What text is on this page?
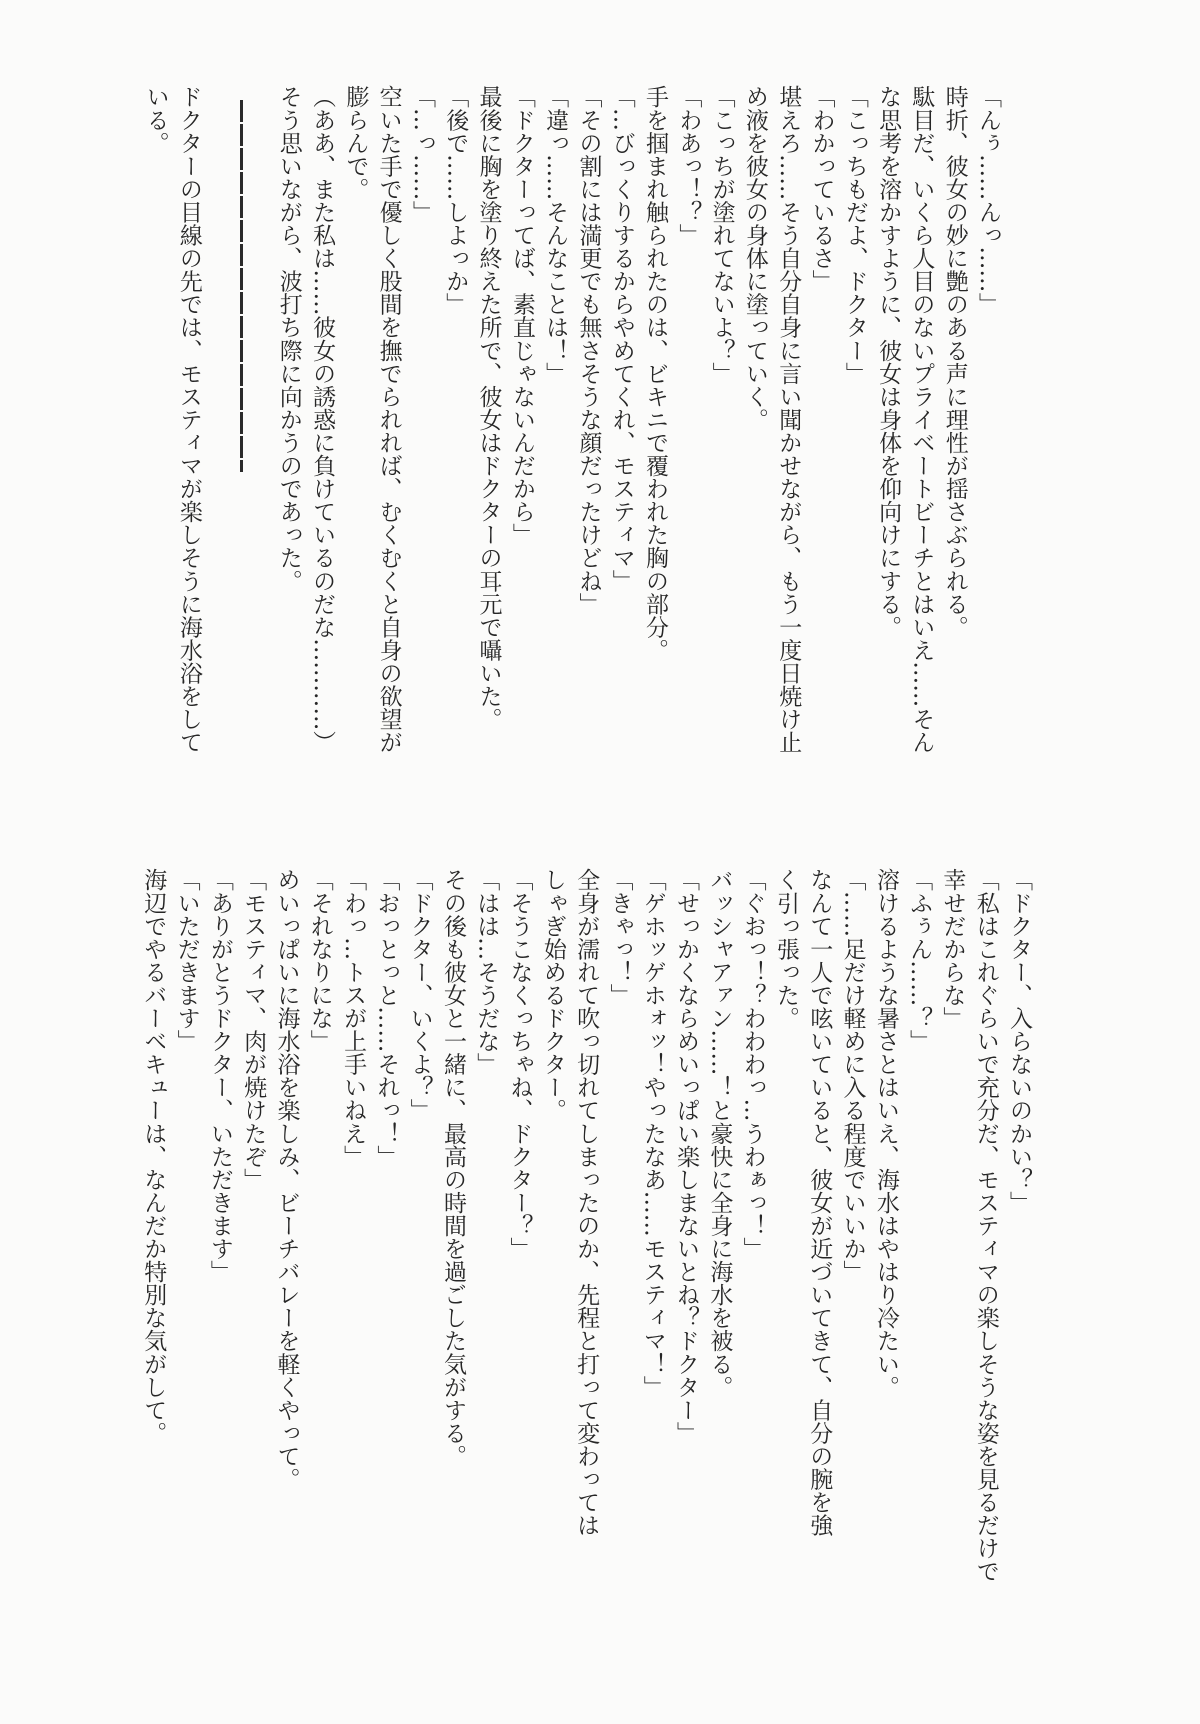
「んぅ……んっ……」

時折、彼女の妙に艶のある声に理性が揺さぶられる。

駄目だ、いくら人目のないプライベートビーチとはいえ……そん

な思考を溶かすように、彼女は身体を仰向けにする。

「こっちもだよ、ドクター」

「わかっているさ」

堪えろ……そう自分自身に言い聞かせながら、もう一度日焼け止

め液を彼女の身体に塗っていく。

「こっちが塗れてないよ？」

「わあっ！？」

手を掴まれ触られたのは、ビキニで覆われた胸の部分。

「…びっくりするからやめてくれ、モスティマ」

「その割には満更でも無さそうな顔だったけどね」

「違っ……そんなことは！」

「ドクターってば、素直じゃないんだから」

最後に胸を塗り終えた所で、彼女はドクターの耳元で囁いた。

「後で……しよっか」

「…っ……」

空いた手で優しく股間を撫でられれば、むくむくと自身の欲望が

膨らんで。

（ああ、また私は……彼女の誘惑に負けているのだな…………）

そう思いながら、波打ち際に向かうのであった。

ドクターの目線の先では、モスティマが楽しそうに海水浴をして

いる。

「ドクター、入らないのかい？」

「私はこれぐらいで充分だ、モスティマの楽しそうな姿を見るだけで

幸せだからな」

「ふぅん……？」

溶けるような暑さとはいえ、海水はやはり冷たい。

「……足だけ軽めに入る程度でいいか」

なんて一人で呟いていると、彼女が近づいてきて、自分の腕を強

く引っ張った。

「ぐおっ！？わわわっ…うわぁっ！」

バッシャアァン……！と豪快に全身に海水を被る。

「せっかくならめいっぱい楽しまないとね？ドクター」

「ゲホッゲホォッ！やったなあ……モスティマ！」

「きゃっ！」

全身が濡れて吹っ切れてしまったのか、先程と打って変わっては

しゃぎ始めるドクター。

「そうこなくっちゃね、ドクター？」

「はは…そうだな」

その後も彼女と一緒に、最高の時間を過ごした気がする。

「ドクター、いくよ？」

「おっとっと……それっ！」

「わっ…トスが上手いねえ」

「それなりにな」

めいっぱいに海水浴を楽しみ、ビーチバレーを軽くやって。

「モスティマ、肉が焼けたぞ」

「ありがとうドクター、いただきます」

「いただきます」

海辺でやるバーベキューは、なんだか特別な気がして。
